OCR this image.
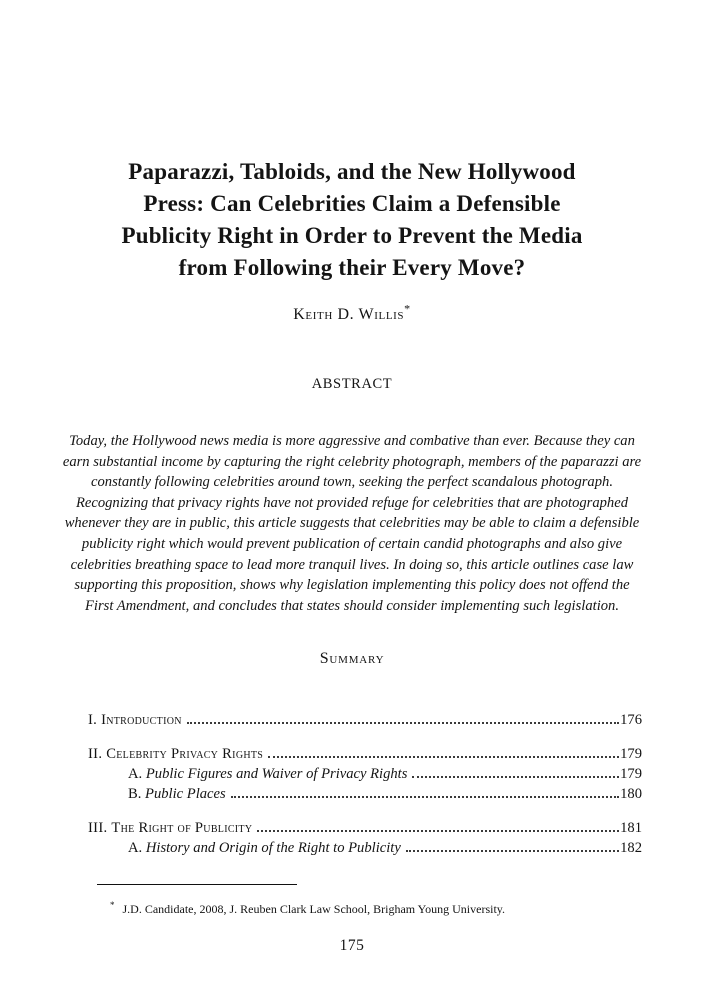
Paparazzi, Tabloids, and the New Hollywood
Press: Can Celebrities Claim a Defensible
Publicity Right in Order to Prevent the Media
from Following their Every Move?
Keith D. Willis*
ABSTRACT

Today, the Hollywood news media is more aggressive and combative than ever. Because they can earn substantial income by capturing the right celebrity photograph, members of the paparazzi are constantly following celebrities around town, seeking the perfect scandalous photograph. Recognizing that privacy rights have not provided refuge for celebrities that are photographed whenever they are in public, this article suggests that celebrities may be able to claim a defensible publicity right which would prevent publication of certain candid photographs and also give celebrities breathing space to lead more tranquil lives. In doing so, this article outlines case law supporting this proposition, shows why legislation implementing this policy does not offend the First Amendment, and concludes that states should consider implementing such legislation.

Summary
I. Introduction	176
II. Celebrity Privacy Rights	179
A. Public Figures and Waiver of Privacy Rights	179
B. Public Places	180
III. The Right of Publicity	181
A. History and Origin of the Right to Publicity	182

* J.D. Candidate, 2008, J. Reuben Clark Law School, Brigham Young University.

175
